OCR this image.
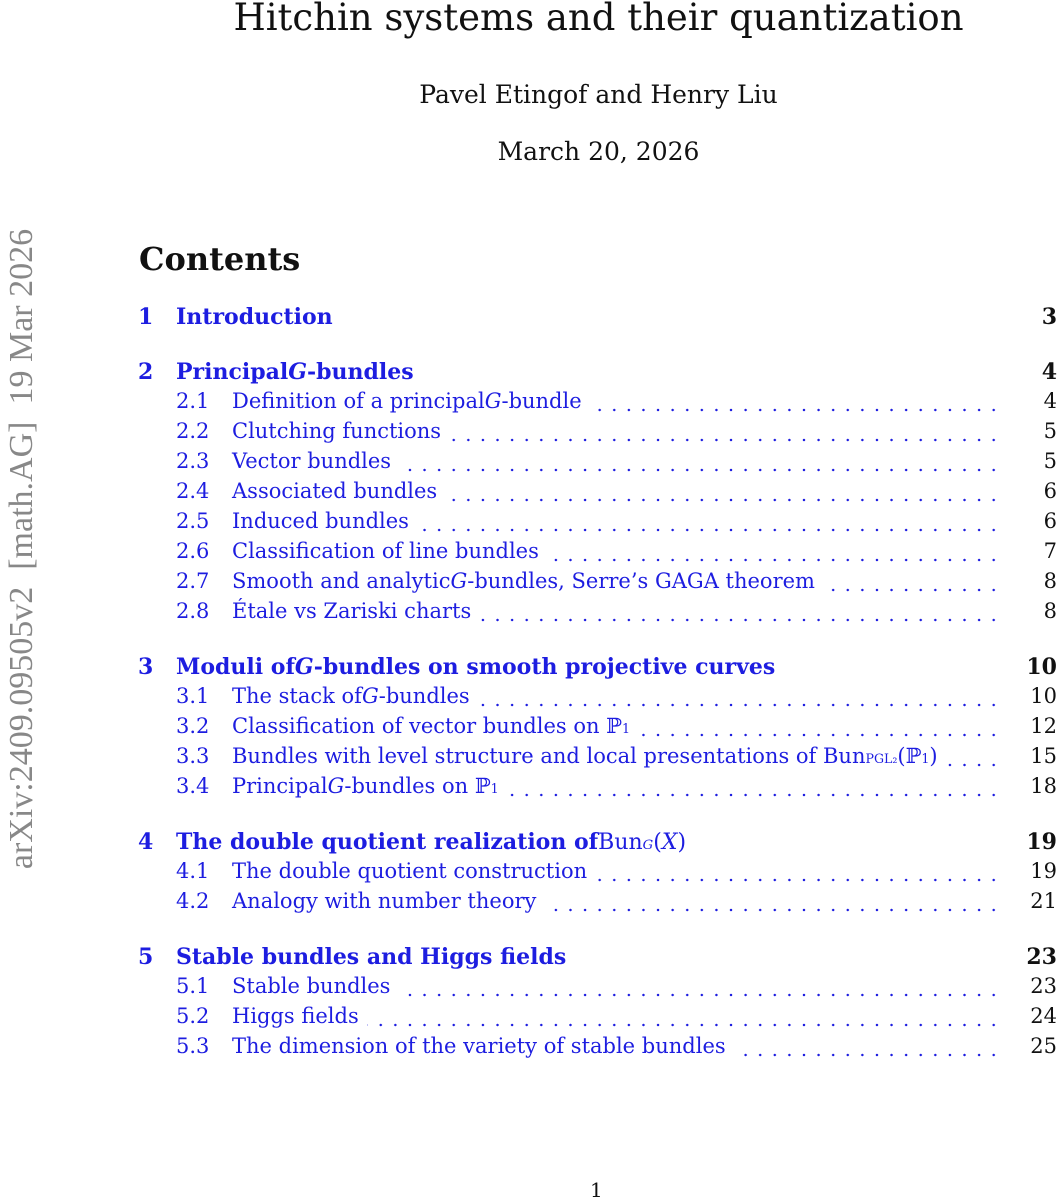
arXiv:2409.09505v2  [math.AG]  19 Mar 2026
Hitchin systems and their quantization
Pavel Etingof and Henry Liu
March 20, 2026
Contents
1 Introduction	3
2 Principal G -bundles	4
2.1 Definition of a principal G -bundle	4
2.2 Clutching functions	5
2.3 Vector bundles	5
2.4 Associated bundles	6
2.5 Induced bundles	6
2.6 Classification of line bundles	7
2.7 Smooth and analytic G -bundles, Serre’s GAGA theorem	8
2.8 Étale vs Zariski charts	8
3 Moduli of G -bundles on smooth projective curves	10
3.1 The stack of G -bundles	10
3.2 Classification of vector bundles on ℙ 1	12
3.3 Bundles with level structure and local presentations of Bun PGL₂ (ℙ 1 )	15
3.4 Principal G -bundles on ℙ 1	18
4 The double quotient realization of Bun G ( X )	19
4.1 The double quotient construction	19
4.2 Analogy with number theory	21
5 Stable bundles and Higgs fields	23
5.1 Stable bundles	23
5.2 Higgs fields	24
5.3 The dimension of the variety of stable bundles	25
1
